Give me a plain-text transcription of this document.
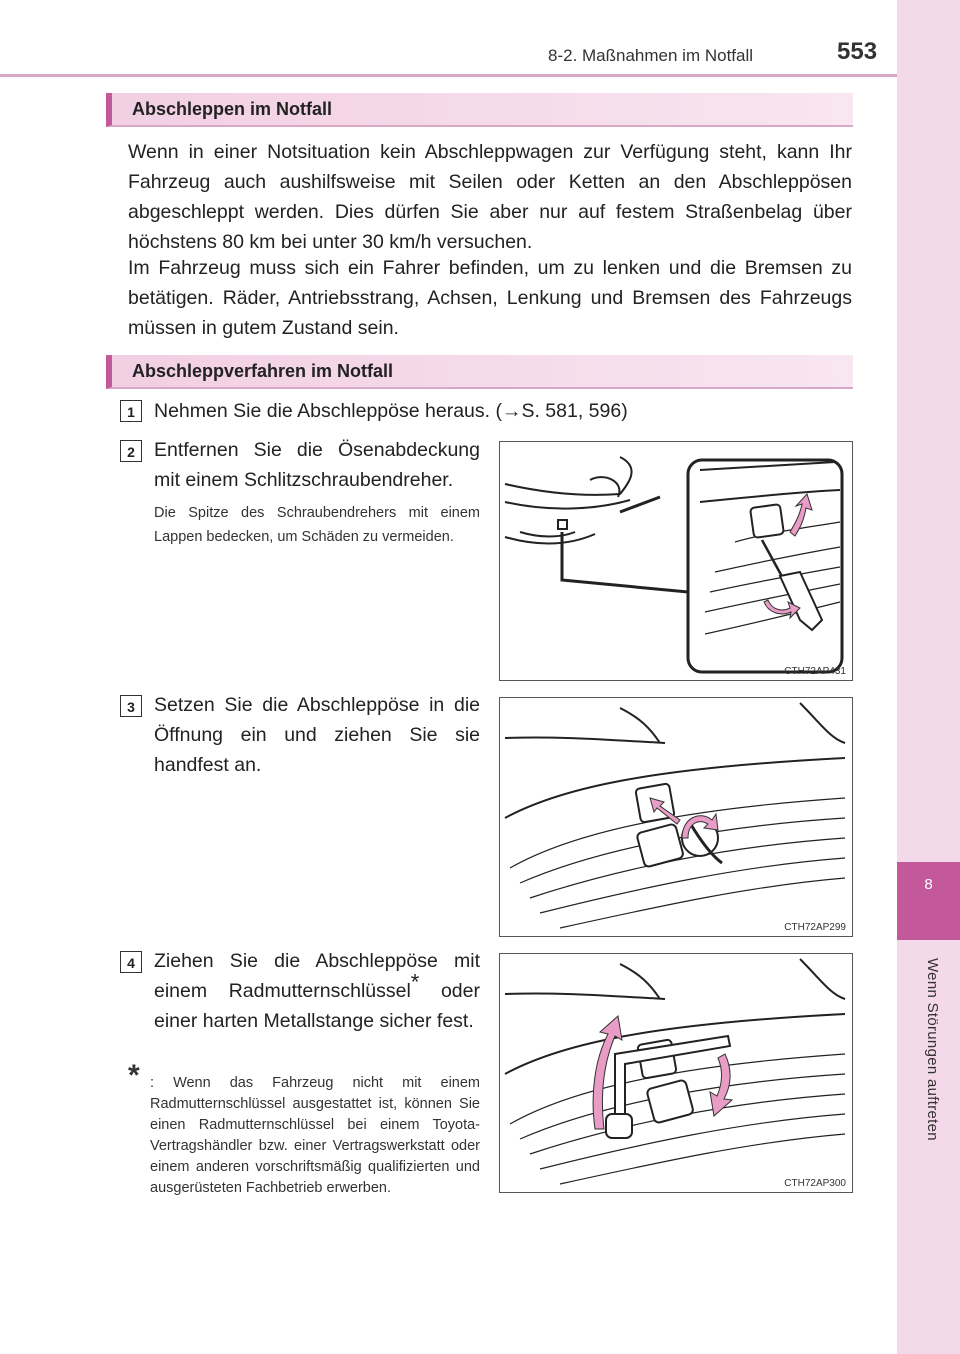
8-2. Maßnahmen im Notfall	553
8
Wenn Störungen auftreten
Abschleppen im Notfall

Wenn in einer Notsituation kein Abschleppwagen zur Verfügung steht, kann Ihr Fahrzeug auch aushilfsweise mit Seilen oder Ketten an den Abschleppösen abgeschleppt werden. Dies dürfen Sie aber nur auf festem Straßenbelag über höchstens 80 km bei unter 30 km/h versuchen.

Im Fahrzeug muss sich ein Fahrer befinden, um zu lenken und die Bremsen zu betätigen. Räder, Antriebsstrang, Achsen, Lenkung und Bremsen des Fahrzeugs müssen in gutem Zustand sein.

Abschleppverfahren im Notfall
1 Nehmen Sie die Abschleppöse heraus. (→S. 581, 596)

2 Entfernen Sie die Ösenabdeckung mit einem Schlitzschraubendreher.

Die Spitze des Schraubendrehers mit einem Lappen bedecken, um Schäden zu vermeiden.

CTH72AP431
3 Setzen Sie die Abschleppöse in die Öffnung ein und ziehen Sie sie handfest an.

CTH72AP299
4 Ziehen Sie die Abschleppöse mit einem Radmutternschlüssel* oder einer harten Metallstange sicher fest.

* : Wenn das Fahrzeug nicht mit einem Radmutternschlüssel ausgestattet ist, können Sie einen Radmutternschlüssel bei einem Toyota-Vertragshändler bzw. einer Vertragswerkstatt oder einem anderen vorschriftsmäßig qualifizierten und ausgerüsteten Fachbetrieb erwerben.	CTH72AP300
